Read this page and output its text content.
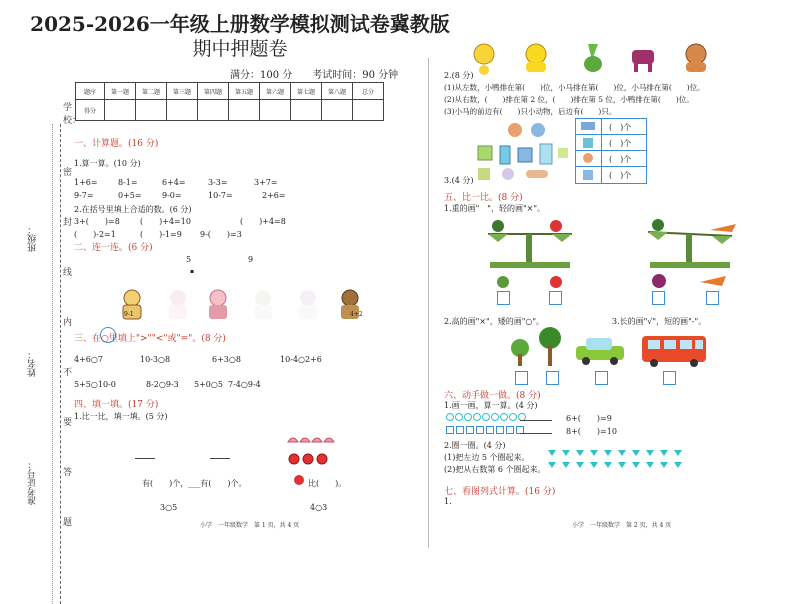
2025-2026一年级上册数学模拟测试卷冀教版
期中押题卷
满分：100 分　　考试时间：90 分钟
班级：
姓名：
准考证号：
学校：
密
封
线
内
不
要
答
题
题序	第一题	第二题	第三题	第四题	第五题	第六题	第七题	第八题	总分
得分									
一、计算题。(16 分)
1.算一算。(10 分)
1+6=	8-1=	6+4=	3-3=	3+7=
9-7=	0+5=	9-0=	10-7=	2+6=
2.在括号里填上合适的数。(6 分)
3+(　　)=8	(　　)+4=10	(　　)+4=8
(　　)-2=1	(　　)-1=9 9-(　　)=3
二、连一连。(6 分)
5	9
▪
9-1	4+2
三、在○里填上">""<"或"="。(8 分)
4+6○7	10-3○8	6+3○8	10-4○2+6
5+5○10-0	8-2○9-3 5+0○5 7-4○9-4
四、填一填。(17 分)
1.比一比，填一填。(5 分)
有(　　)个，___有(　　)个。	比(　　)。
3○5	4○3
小学　一年级数学　第 1 页，共 4 页
2.(8 分)
(1)从左数，小鸭排在第(　　)位，小马排在第(　　)位，小马排在第(　　)位。
(2)从右数，(　　)排在第 2 位，(　　)排在第 5 位，小鸭排在第(　　)位。
(3)小马的前边有(　　)只小动物，后边有(　　)只。
(　)个
(　)个
(　)个
(　)个
3.(4 分)
五、比一比。(8 分)
1.重的画"　"，轻的画"×"。
2.高的画"×"，矮的画"○"。	3.长的画"√"，短的画"-"。
六、动手做一做。(8 分)
1.画一画，算一算。(4 分)
6+(　　)=9
8+(　　)=10
2.圈一圈。(4 分)
(1)把左边 5 个圈起来。
(2)把从右数第 6 个圈起来。
七、看图列式计算。(16 分)
1.
小学　一年级数学　第 2 页，共 4 页
